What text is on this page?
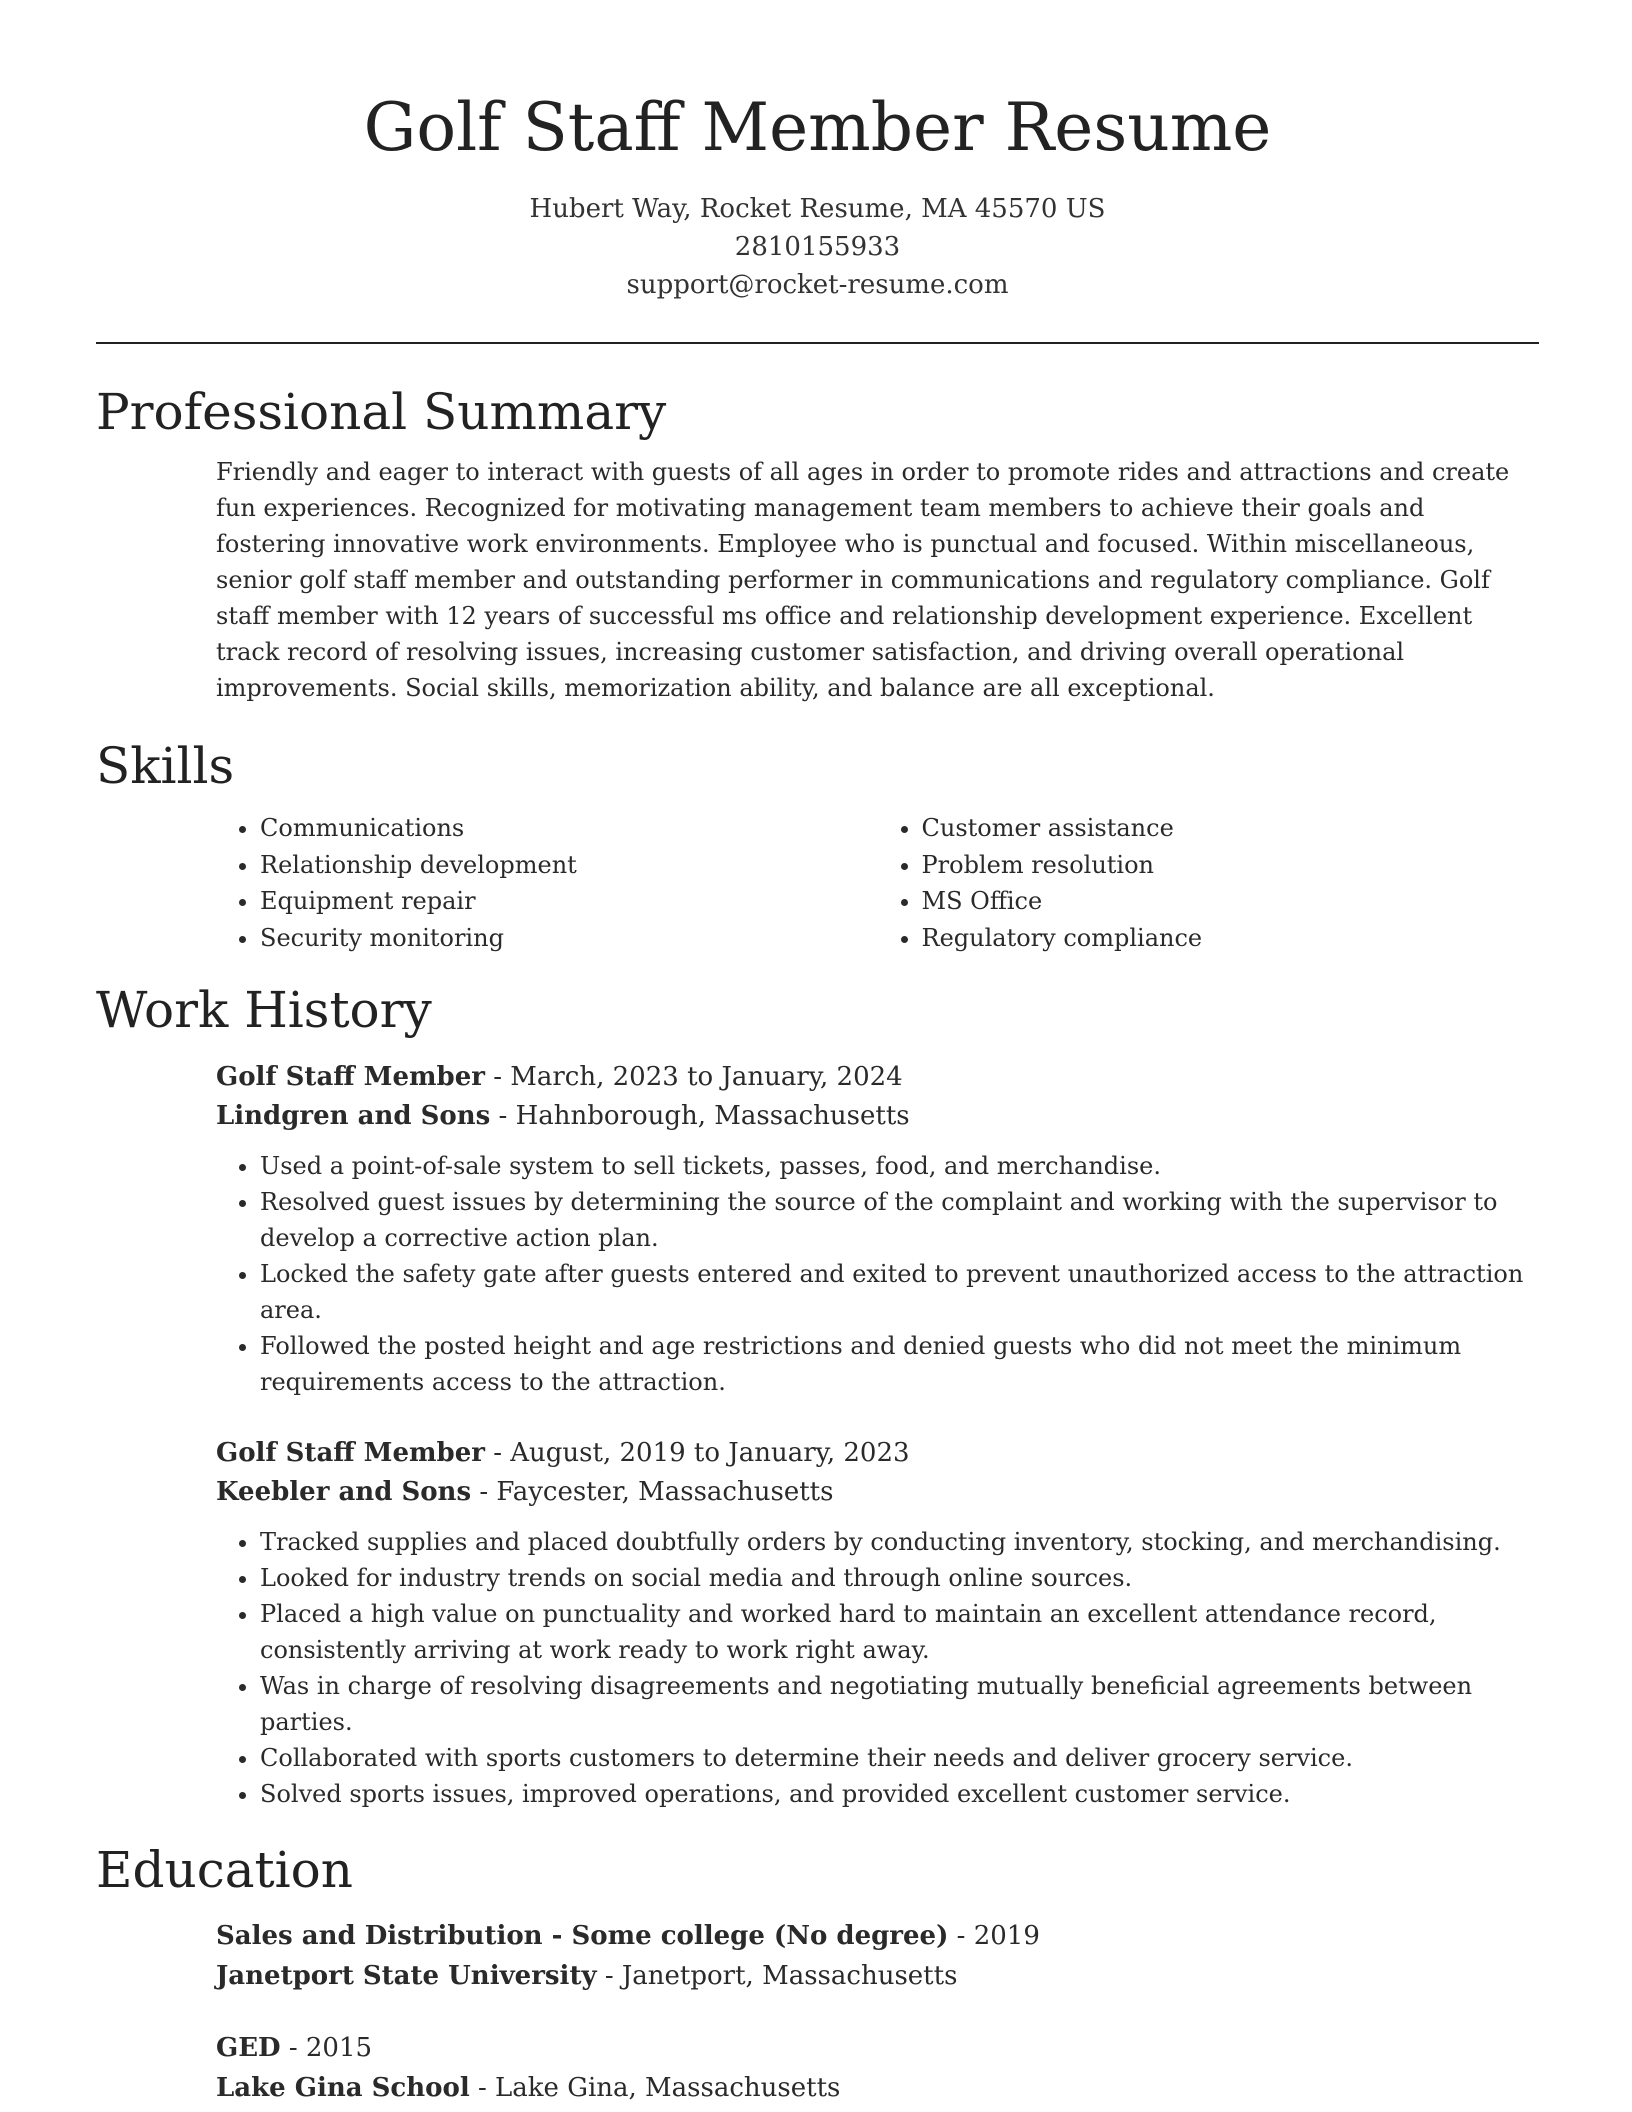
Golf Staff Member Resume
Hubert Way, Rocket Resume, MA 45570 US
2810155933
support@rocket-resume.com
Professional Summary

Friendly and eager to interact with guests of all ages in order to promote rides and attractions and create fun experiences. Recognized for motivating management team members to achieve their goals and fostering innovative work environments. Employee who is punctual and focused. Within miscellaneous, senior golf staff member and outstanding performer in communications and regulatory compliance. Golf staff member with 12 years of successful ms office and relationship development experience. Excellent track record of resolving issues, increasing customer satisfaction, and driving overall operational improvements. Social skills, memorization ability, and balance are all exceptional.

Skills
• Communications
• Relationship development
• Equipment repair
• Security monitoring
• Customer assistance
• Problem resolution
• MS Office
• Regulatory compliance
Work History
Golf Staff Member - March, 2023 to January, 2024
Lindgren and Sons - Hahnborough, Massachusetts
• Used a point-of-sale system to sell tickets, passes, food, and merchandise.
• Resolved guest issues by determining the source of the complaint and working with the supervisor to develop a corrective action plan.
• Locked the safety gate after guests entered and exited to prevent unauthorized access to the attraction area.
• Followed the posted height and age restrictions and denied guests who did not meet the minimum requirements access to the attraction.
Golf Staff Member - August, 2019 to January, 2023
Keebler and Sons - Faycester, Massachusetts
• Tracked supplies and placed doubtfully orders by conducting inventory, stocking, and merchandising.
• Looked for industry trends on social media and through online sources.
• Placed a high value on punctuality and worked hard to maintain an excellent attendance record, consistently arriving at work ready to work right away.
• Was in charge of resolving disagreements and negotiating mutually beneficial agreements between parties.
• Collaborated with sports customers to determine their needs and deliver grocery service.
• Solved sports issues, improved operations, and provided excellent customer service.
Education
Sales and Distribution - Some college (No degree) - 2019
Janetport State University - Janetport, Massachusetts
GED - 2015
Lake Gina School - Lake Gina, Massachusetts
